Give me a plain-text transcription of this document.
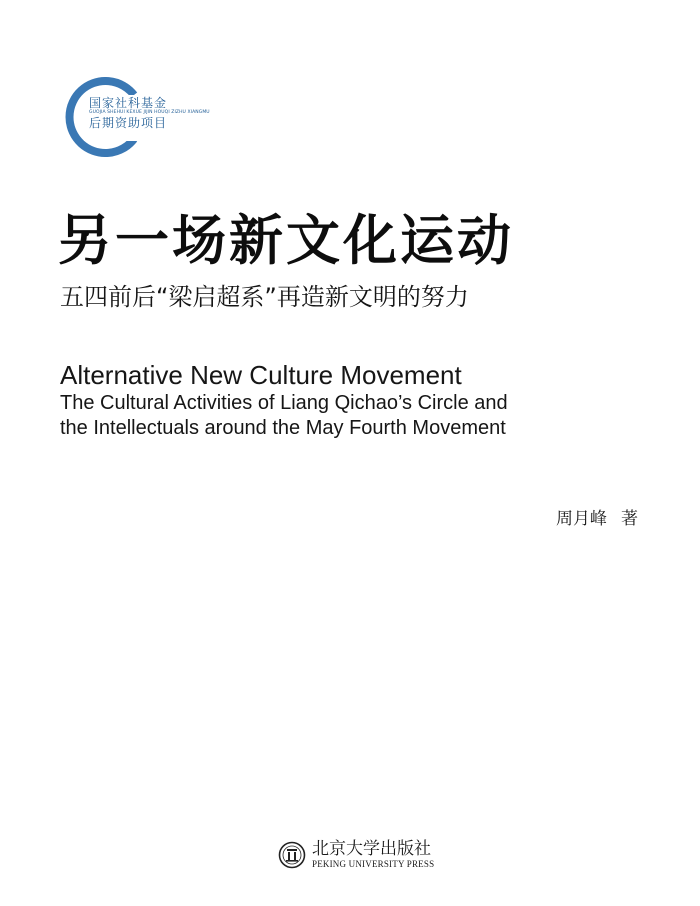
国家社科基金
GUOJIA SHEHUI KEXUE JIJIN HOUQI ZIZHU XIANGMU
后期资助项目
另一场新文化运动
五四前后“梁启超系”再造新文明的努力
Alternative New Culture Movement
The Cultural Activities of Liang Qichao’s Circle and
the Intellectuals around the May Fourth Movement
周月峰 著
北京大学出版社
PEKING UNIVERSITY PRESS
